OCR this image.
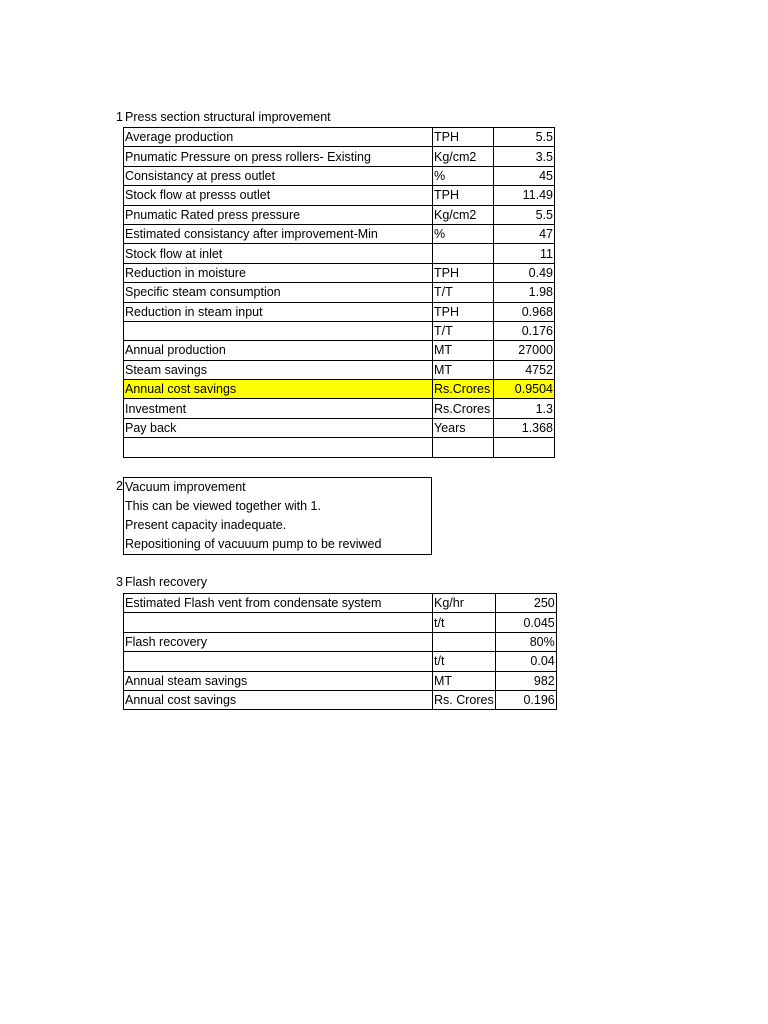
1 Press section structural improvement
Average production	TPH	5.5
Pnumatic Pressure on press rollers- Existing	Kg/cm2	3.5
Consistancy at press outlet	%	45
Stock flow at presss outlet	TPH	11.49
Pnumatic Rated press pressure	Kg/cm2	5.5
Estimated consistancy after improvement-Min	%	47
Stock flow at inlet		11
Reduction in moisture	TPH	0.49
Specific steam consumption	T/T	1.98
Reduction in steam input	TPH	0.968
	T/T	0.176
Annual production	MT	27000
Steam savings	MT	4752
Annual cost savings	Rs.Crores	0.9504
Investment	Rs.Crores	1.3
Pay back	Years	1.368

2 Vacuum improvement
This can be viewed together with 1.
Present capacity inadequate.
Repositioning of vacuuum pump to be reviwed
3 Flash recovery
Estimated Flash vent from condensate system	Kg/hr	250
	t/t	0.045
Flash recovery		80%
	t/t	0.04
Annual steam savings	MT	982
Annual cost savings	Rs. Crores	0.196
